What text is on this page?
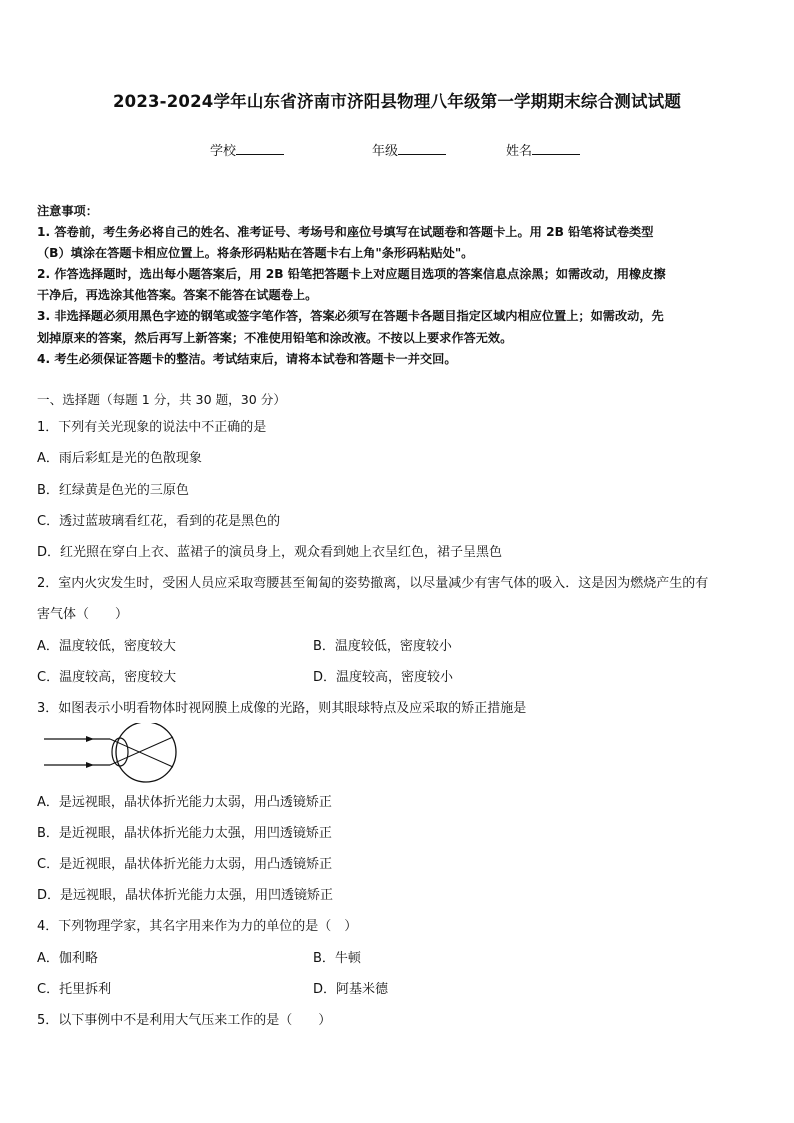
2023-2024学年山东省济南市济阳县物理八年级第一学期期末综合测试试题
学校	年级	姓名

注意事项：

1. 答卷前，考生务必将自己的姓名、准考证号、考场号和座位号填写在试题卷和答题卡上。用 2B 铅笔将试卷类型

（B）填涂在答题卡相应位置上。将条形码粘贴在答题卡右上角"条形码粘贴处"。

2. 作答选择题时，选出每小题答案后，用 2B 铅笔把答题卡上对应题目选项的答案信息点涂黑；如需改动，用橡皮擦

干净后，再选涂其他答案。答案不能答在试题卷上。

3. 非选择题必须用黑色字迹的钢笔或签字笔作答，答案必须写在答题卡各题目指定区域内相应位置上；如需改动，先

划掉原来的答案，然后再写上新答案；不准使用铅笔和涂改液。不按以上要求作答无效。

4. 考生必须保证答题卡的整洁。考试结束后，请将本试卷和答题卡一并交回。

一、选择题（每题 1 分，共 30 题，30 分）
1．下列有关光现象的说法中不正确的是
A．雨后彩虹是光的色散现象
B．红绿黄是色光的三原色
C．透过蓝玻璃看红花，看到的花是黑色的
D．红光照在穿白上衣、蓝裙子的演员身上，观众看到她上衣呈红色，裙子呈黑色
2．室内火灾发生时，受困人员应采取弯腰甚至匍匐的姿势撤离，以尽量减少有害气体的吸入．这是因为燃烧产生的有
害气体（　　）
A．温度较低，密度较大	B．温度较低，密度较小
C．温度较高，密度较大	D．温度较高，密度较小
3．如图表示小明看物体时视网膜上成像的光路，则其眼球特点及应采取的矫正措施是
A．是远视眼，晶状体折光能力太弱，用凸透镜矫正
B．是近视眼，晶状体折光能力太强，用凹透镜矫正
C．是近视眼，晶状体折光能力太弱，用凸透镜矫正
D．是远视眼，晶状体折光能力太强，用凹透镜矫正
4．下列物理学家，其名字用来作为力的单位的是（　）
A．伽利略	B．牛顿
C．托里拆利	D．阿基米德
5．以下事例中不是利用大气压来工作的是（　　）
